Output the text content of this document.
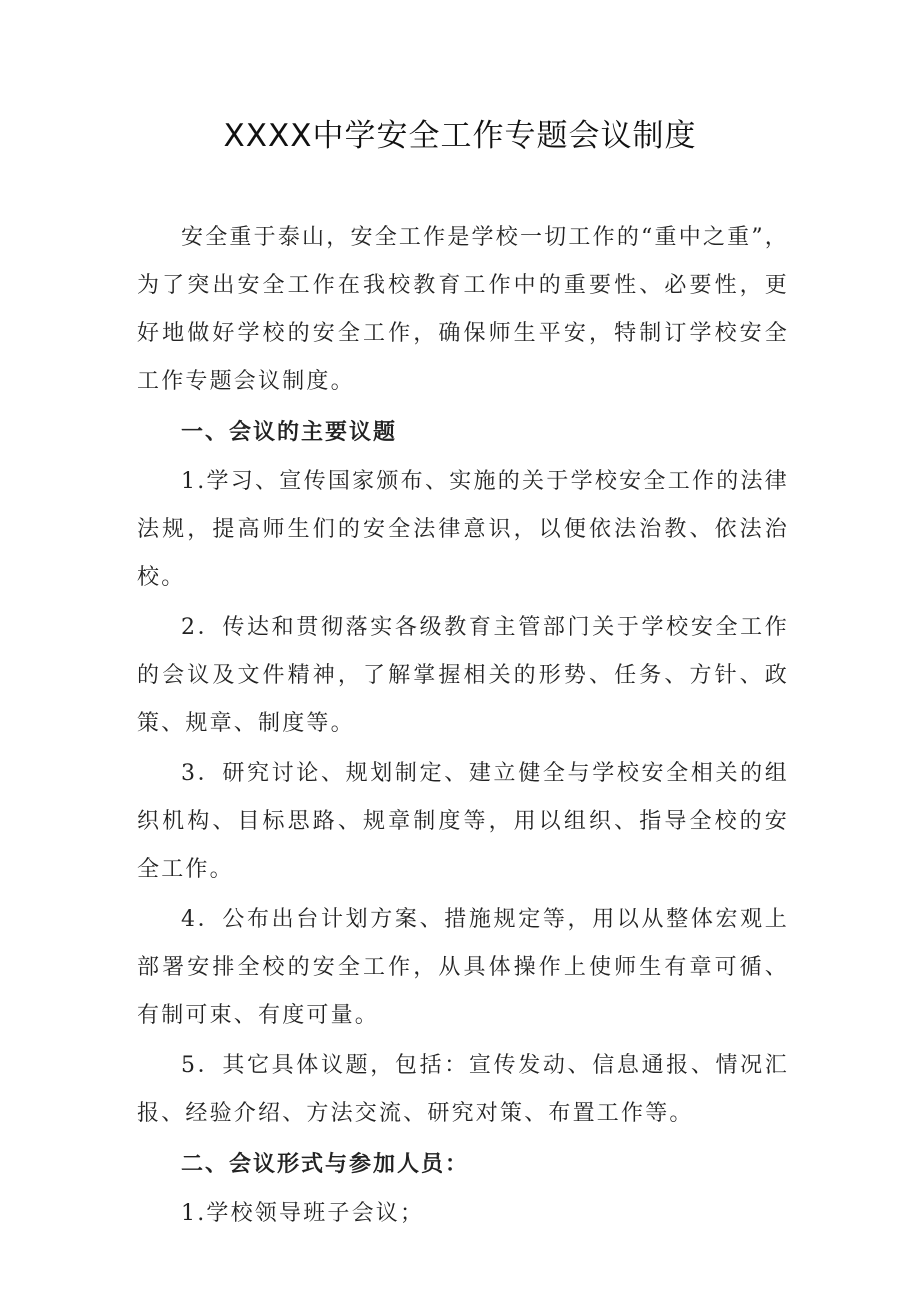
XXXX中学安全工作专题会议制度

安全重于泰山，安全工作是学校一切工作的“重中之重”，为了突出安全工作在我校教育工作中的重要性、必要性，更好地做好学校的安全工作，确保师生平安，特制订学校安全工作专题会议制度。

一、会议的主要议题

1.学习、宣传国家颁布、实施的关于学校安全工作的法律法规，提高师生们的安全法律意识，以便依法治教、依法治校。

2．传达和贯彻落实各级教育主管部门关于学校安全工作的会议及文件精神，了解掌握相关的形势、任务、方针、政策、规章、制度等。

3．研究讨论、规划制定、建立健全与学校安全相关的组织机构、目标思路、规章制度等，用以组织、指导全校的安全工作。

4．公布出台计划方案、措施规定等，用以从整体宏观上部署安排全校的安全工作，从具体操作上使师生有章可循、有制可束、有度可量。

5．其它具体议题，包括：宣传发动、信息通报、情况汇报、经验介绍、方法交流、研究对策、布置工作等。

二、会议形式与参加人员：

1.学校领导班子会议；
